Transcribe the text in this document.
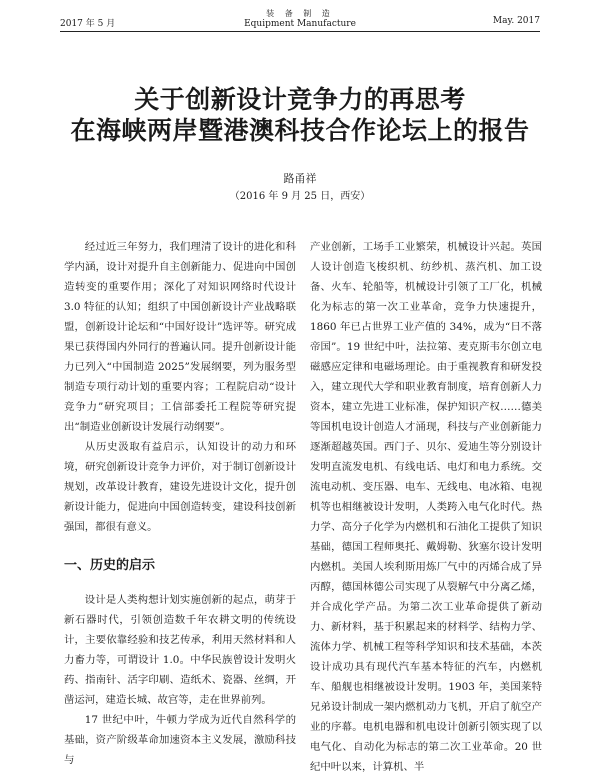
2017 年 5 月
装 备 制 造
Equipment Manufacture	May. 2017
关于创新设计竞争力的再思考
在海峡两岸暨港澳科技合作论坛上的报告
路甬祥
（2016 年 9 月 25 日，西安）

经过近三年努力，我们理清了设计的进化和科学内涵，设计对提升自主创新能力、促进向中国创造转变的重要作用；深化了对知识网络时代设计3.0 特征的认知；组织了中国创新设计产业战略联盟，创新设计论坛和“中国好设计”选评等。研究成果已获得国内外同行的普遍认同。提升创新设计能力已列入“中国制造 2025”发展纲要，列为服务型制造专项行动计划的重要内容；工程院启动“设计竞争力”研究项目；工信部委托工程院等研究提出“制造业创新设计发展行动纲要”。

从历史汲取有益启示，认知设计的动力和环境，研究创新设计竞争力评价，对于制订创新设计规划，改革设计教育，建设先进设计文化，提升创新设计能力，促进向中国创造转变，建设科技创新强国，都很有意义。

一、历史的启示

设计是人类构想计划实施创新的起点，萌芽于新石器时代，引领创造数千年农耕文明的传统设计，主要依靠经验和技艺传承，利用天然材料和人力畜力等，可谓设计 1.0。中华民族曾设计发明火药、指南针、活字印刷、造纸术、瓷器、丝绸，开凿运河，建造长城、故宫等，走在世界前列。

17 世纪中叶，牛顿力学成为近代自然科学的基础，资产阶级革命加速资本主义发展，激励科技与

产业创新，工场手工业繁荣，机械设计兴起。英国人设计创造飞梭织机、纺纱机、蒸汽机、加工设备、火车、轮船等，机械设计引领了工厂化，机械化为标志的第一次工业革命，竞争力快速提升，1860 年已占世界工业产值的 34%，成为“日不落帝国”。19 世纪中叶，法拉第、麦克斯韦尔创立电磁感应定律和电磁场理论。由于重视教育和研发投入，建立现代大学和职业教育制度，培育创新人力资本，建立先进工业标准，保护知识产权……德美等国机电设计创造人才涌现，科技与产业创新能力逐渐超越英国。西门子、贝尔、爱迪生等分别设计发明直流发电机、有线电话、电灯和电力系统。交流电动机、变压器、电车、无线电、电冰箱、电视机等也相继被设计发明，人类跨入电气化时代。热力学、高分子化学为内燃机和石油化工提供了知识基础，德国工程师奥托、戴姆勒、狄塞尔设计发明内燃机。美国人埃利斯用炼厂气中的丙烯合成了异丙醇，德国林德公司实现了从裂解气中分离乙烯，并合成化学产品。为第二次工业革命提供了新动力、新材料，基于积累起来的材料学、结构力学、流体力学、机械工程等科学知识和技术基础，本茨设计成功具有现代汽车基本特征的汽车，内燃机车、船舰也相继被设计发明。1903 年，美国莱特兄弟设计制成一架内燃机动力飞机，开启了航空产业的序幕。电机电器和机电设计创新引领实现了以电气化、自动化为标志的第二次工业革命。20 世纪中叶以来，计算机、半
